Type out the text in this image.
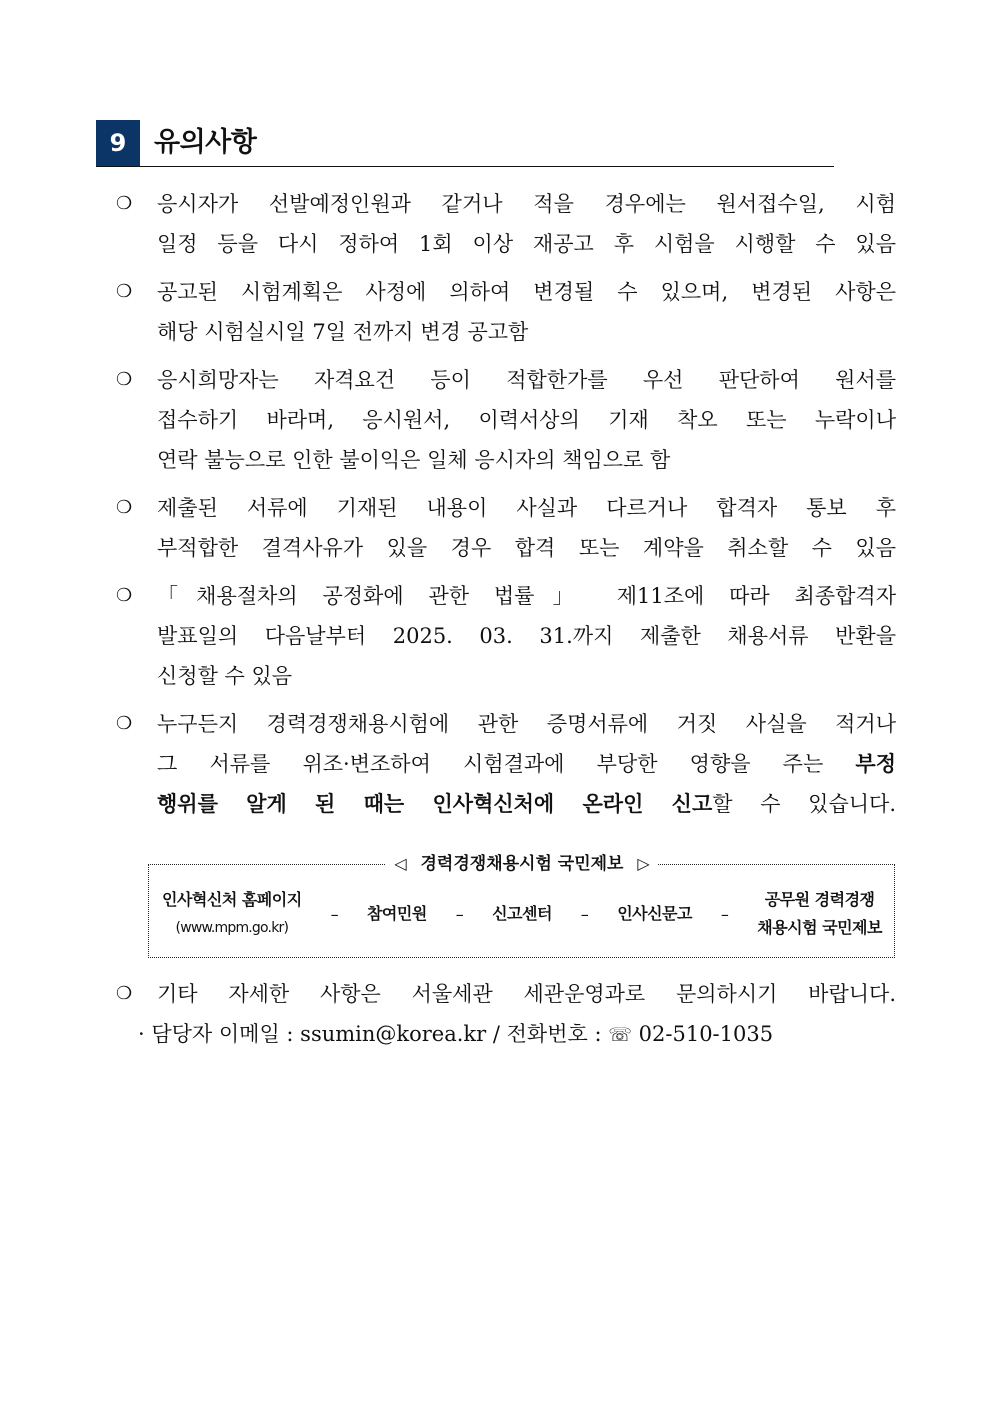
9	유의사항
❍	응시자가 선발예정인원과 같거나 적을 경우에는 원서접수일, 시험
일정 등을 다시 정하여 1회 이상 재공고 후 시험을 시행할 수 있음
❍	공고된 시험계획은 사정에 의하여 변경될 수 있으며, 변경된 사항은
해당 시험실시일 7일 전까지 변경 공고함
❍	응시희망자는 자격요건 등이 적합한가를 우선 판단하여 원서를
접수하기 바라며, 응시원서, 이력서상의 기재 착오 또는 누락이나
연락 불능으로 인한 불이익은 일체 응시자의 책임으로 함
❍	제출된 서류에 기재된 내용이 사실과 다르거나 합격자 통보 후
부적합한 결격사유가 있을 경우 합격 또는 계약을 취소할 수 있음
❍	「채용절차의 공정화에 관한 법률」 제11조에 따라 최종합격자
발표일의 다음날부터 2025. 03. 31.까지 제출한 채용서류 반환을
신청할 수 있음
❍	누구든지 경력경쟁채용시험에 관한 증명서류에 거짓 사실을 적거나
그 서류를 위조·변조하여 시험결과에 부당한 영향을 주는 부정
행위를 알게 된 때는 인사혁신처에 온라인 신고할 수 있습니다.
◁ 경력경쟁채용시험 국민제보 ▷
인사혁신처 홈페이지
(www.mpm.go.kr)
– 참여민원 – 신고센터 – 인사신문고 –
공무원 경력경쟁
채용시험 국민제보
❍	기타 자세한 사항은 서울세관 세관운영과로 문의하시기 바랍니다.
· 담당자 이메일 : ssumin@korea.kr / 전화번호 : ☏ 02-510-1035
